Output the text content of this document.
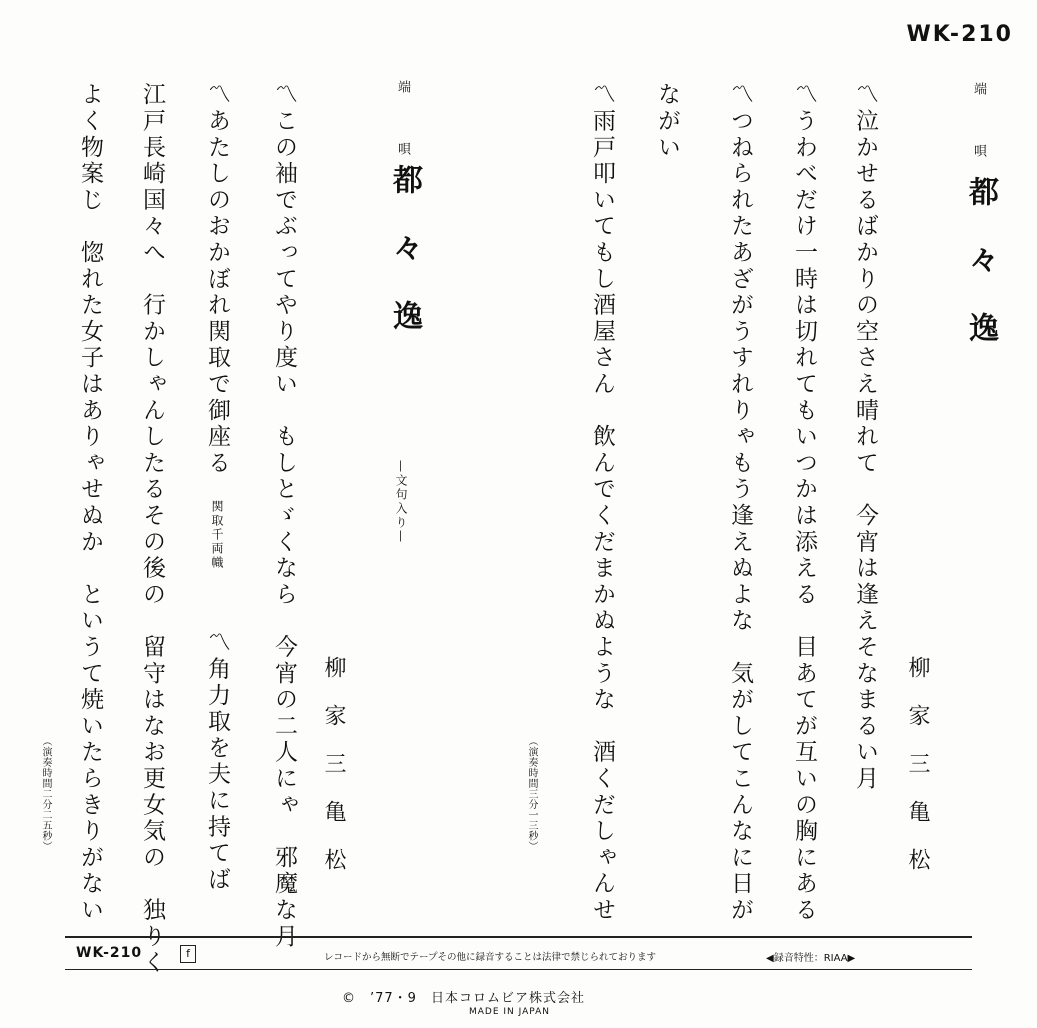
WK-210
端　唄
都々逸
柳家三亀松
〽泣かせるばかりの空さえ晴れて　今宵は逢えそなまるい月
〽うわべだけ一時は切れてもいつかは添える　目あてが互いの胸にある
〽つねられたあざがうすれりゃもう逢えぬよな　気がしてこんなに日が
ながい
〽雨戸叩いてもし酒屋さん　飲んでくだまかぬような　酒くだしゃんせ
（演奏時間三分一三秒）
端　唄
都々逸
—文句入り—
柳家三亀松
〽この袖でぶってやり度い　もしとゞくなら　今宵の二人にゃ　邪魔な月
〽あたしのおかぼれ関取で御座る
関取千両幟
〽角力取を夫に持てば
江戸長崎国々へ　行かしゃんしたるその後の　留守はなお更女気の　独りく
よく物案じ　惚れた女子はありゃせぬか　というて焼いたらきりがない
（演奏時間二分二五秒）
WK-210	f	レコードから無断でテープその他に録音することは法律で禁じられております	◀録音特性：RIAA▶
©　’77・9　日本コロムビア株式会社
MADE IN JAPAN
